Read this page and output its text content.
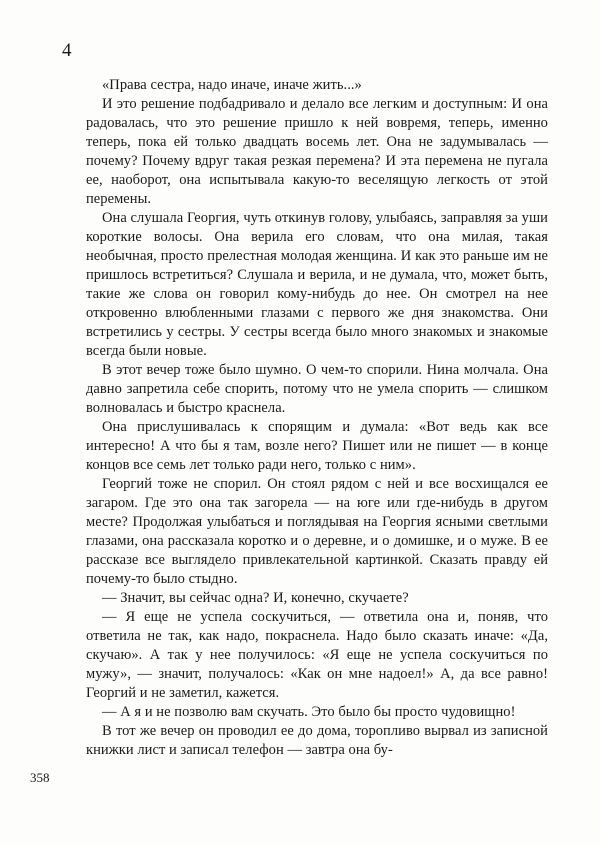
4

«Права сестра, надо иначе, иначе жить...»

И это решение подбадривало и делало все легким и доступным: И она радовалась, что это решение пришло к ней вовремя, теперь, именно теперь, пока ей только двадцать восемь лет. Она не задумывалась — почему? Почему вдруг такая резкая перемена? И эта перемена не пугала ее, наоборот, она испытывала какую-то веселящую легкость от этой перемены.

Она слушала Георгия, чуть откинув голову, улыбаясь, заправляя за уши короткие волосы. Она верила его словам, что она милая, такая необычная, просто прелестная молодая женщина. И как это раньше им не пришлось встретиться? Слушала и верила, и не думала, что, может быть, такие же слова он говорил кому-нибудь до нее. Он смотрел на нее откровенно влюбленными глазами с первого же дня знакомства. Они встретились у сестры. У сестры всегда было много знакомых и знакомые всегда были новые.

В этот вечер тоже было шумно. О чем-то спорили. Нина молчала. Она давно запретила себе спорить, потому что не умела спорить — слишком волновалась и быстро краснела.

Она прислушивалась к спорящим и думала: «Вот ведь как все интересно! А что бы я там, возле него? Пишет или не пишет — в конце концов все семь лет только ради него, только с ним».

Георгий тоже не спорил. Он стоял рядом с ней и все восхищался ее загаром. Где это она так загорела — на юге или где-нибудь в другом месте? Продолжая улыбаться и поглядывая на Георгия ясными светлыми глазами, она рассказала коротко и о деревне, и о домишке, и о муже. В ее рассказе все выглядело привлекательной картинкой. Сказать правду ей почему-то было стыдно.

— Значит, вы сейчас одна? И, конечно, скучаете?

— Я еще не успела соскучиться, — ответила она и, поняв, что ответила не так, как надо, покраснела. Надо было сказать иначе: «Да, скучаю». А так у нее получилось: «Я еще не успела соскучиться по мужу», — значит, получалось: «Как он мне надоел!» А, да все равно! Георгий и не заметил, кажется.

— А я и не позволю вам скучать. Это было бы просто чудовищно!

В тот же вечер он проводил ее до дома, торопливо вырвал из записной книжки лист и записал телефон — завтра она бу-

358
